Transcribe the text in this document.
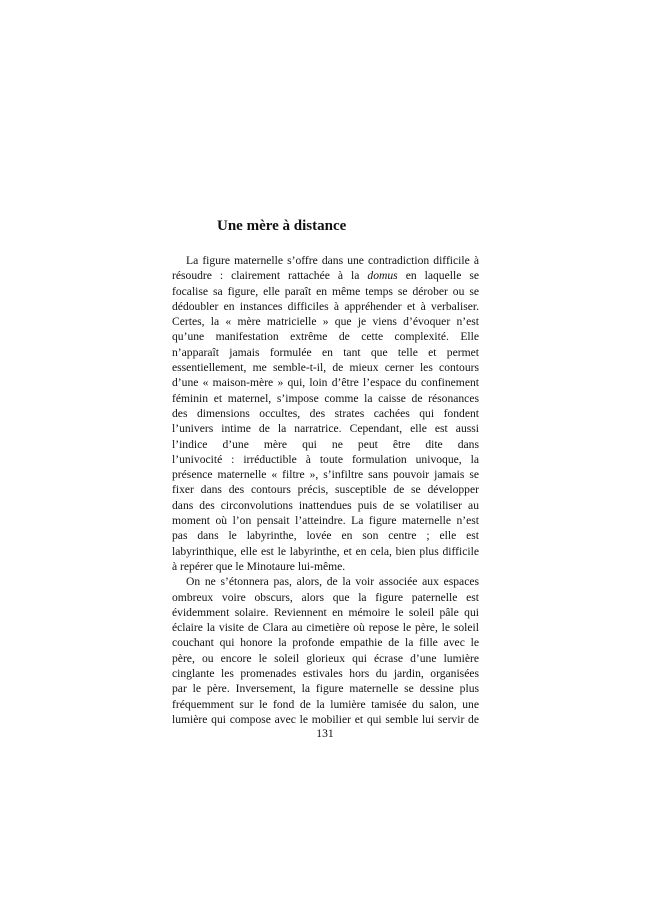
Une mère à distance
La figure maternelle s’offre dans une contradiction difficile à
résoudre : clairement rattachée à la domus en laquelle se
focalise sa figure, elle paraît en même temps se dérober ou se
dédoubler en instances difficiles à appréhender et à verbaliser.
Certes, la « mère matricielle » que je viens d’évoquer n’est
qu’une manifestation extrême de cette complexité. Elle
n’apparaît jamais formulée en tant que telle et permet
essentiellement, me semble-t-il, de mieux cerner les contours
d’une « maison-mère » qui, loin d’être l’espace du confinement
féminin et maternel, s’impose comme la caisse de résonances
des dimensions occultes, des strates cachées qui fondent
l’univers intime de la narratrice. Cependant, elle est aussi
l’indice d’une mère qui ne peut être dite dans
l’univocité : irréductible à toute formulation univoque, la
présence maternelle « filtre », s’infiltre sans pouvoir jamais se
fixer dans des contours précis, susceptible de se développer
dans des circonvolutions inattendues puis de se volatiliser au
moment où l’on pensait l’atteindre. La figure maternelle n’est
pas dans le labyrinthe, lovée en son centre ; elle est
labyrinthique, elle est le labyrinthe, et en cela, bien plus difficile
à repérer que le Minotaure lui-même.
On ne s’étonnera pas, alors, de la voir associée aux espaces
ombreux voire obscurs, alors que la figure paternelle est
évidemment solaire. Reviennent en mémoire le soleil pâle qui
éclaire la visite de Clara au cimetière où repose le père, le soleil
couchant qui honore la profonde empathie de la fille avec le
père, ou encore le soleil glorieux qui écrase d’une lumière
cinglante les promenades estivales hors du jardin, organisées
par le père. Inversement, la figure maternelle se dessine plus
fréquemment sur le fond de la lumière tamisée du salon, une
lumière qui compose avec le mobilier et qui semble lui servir de
131
